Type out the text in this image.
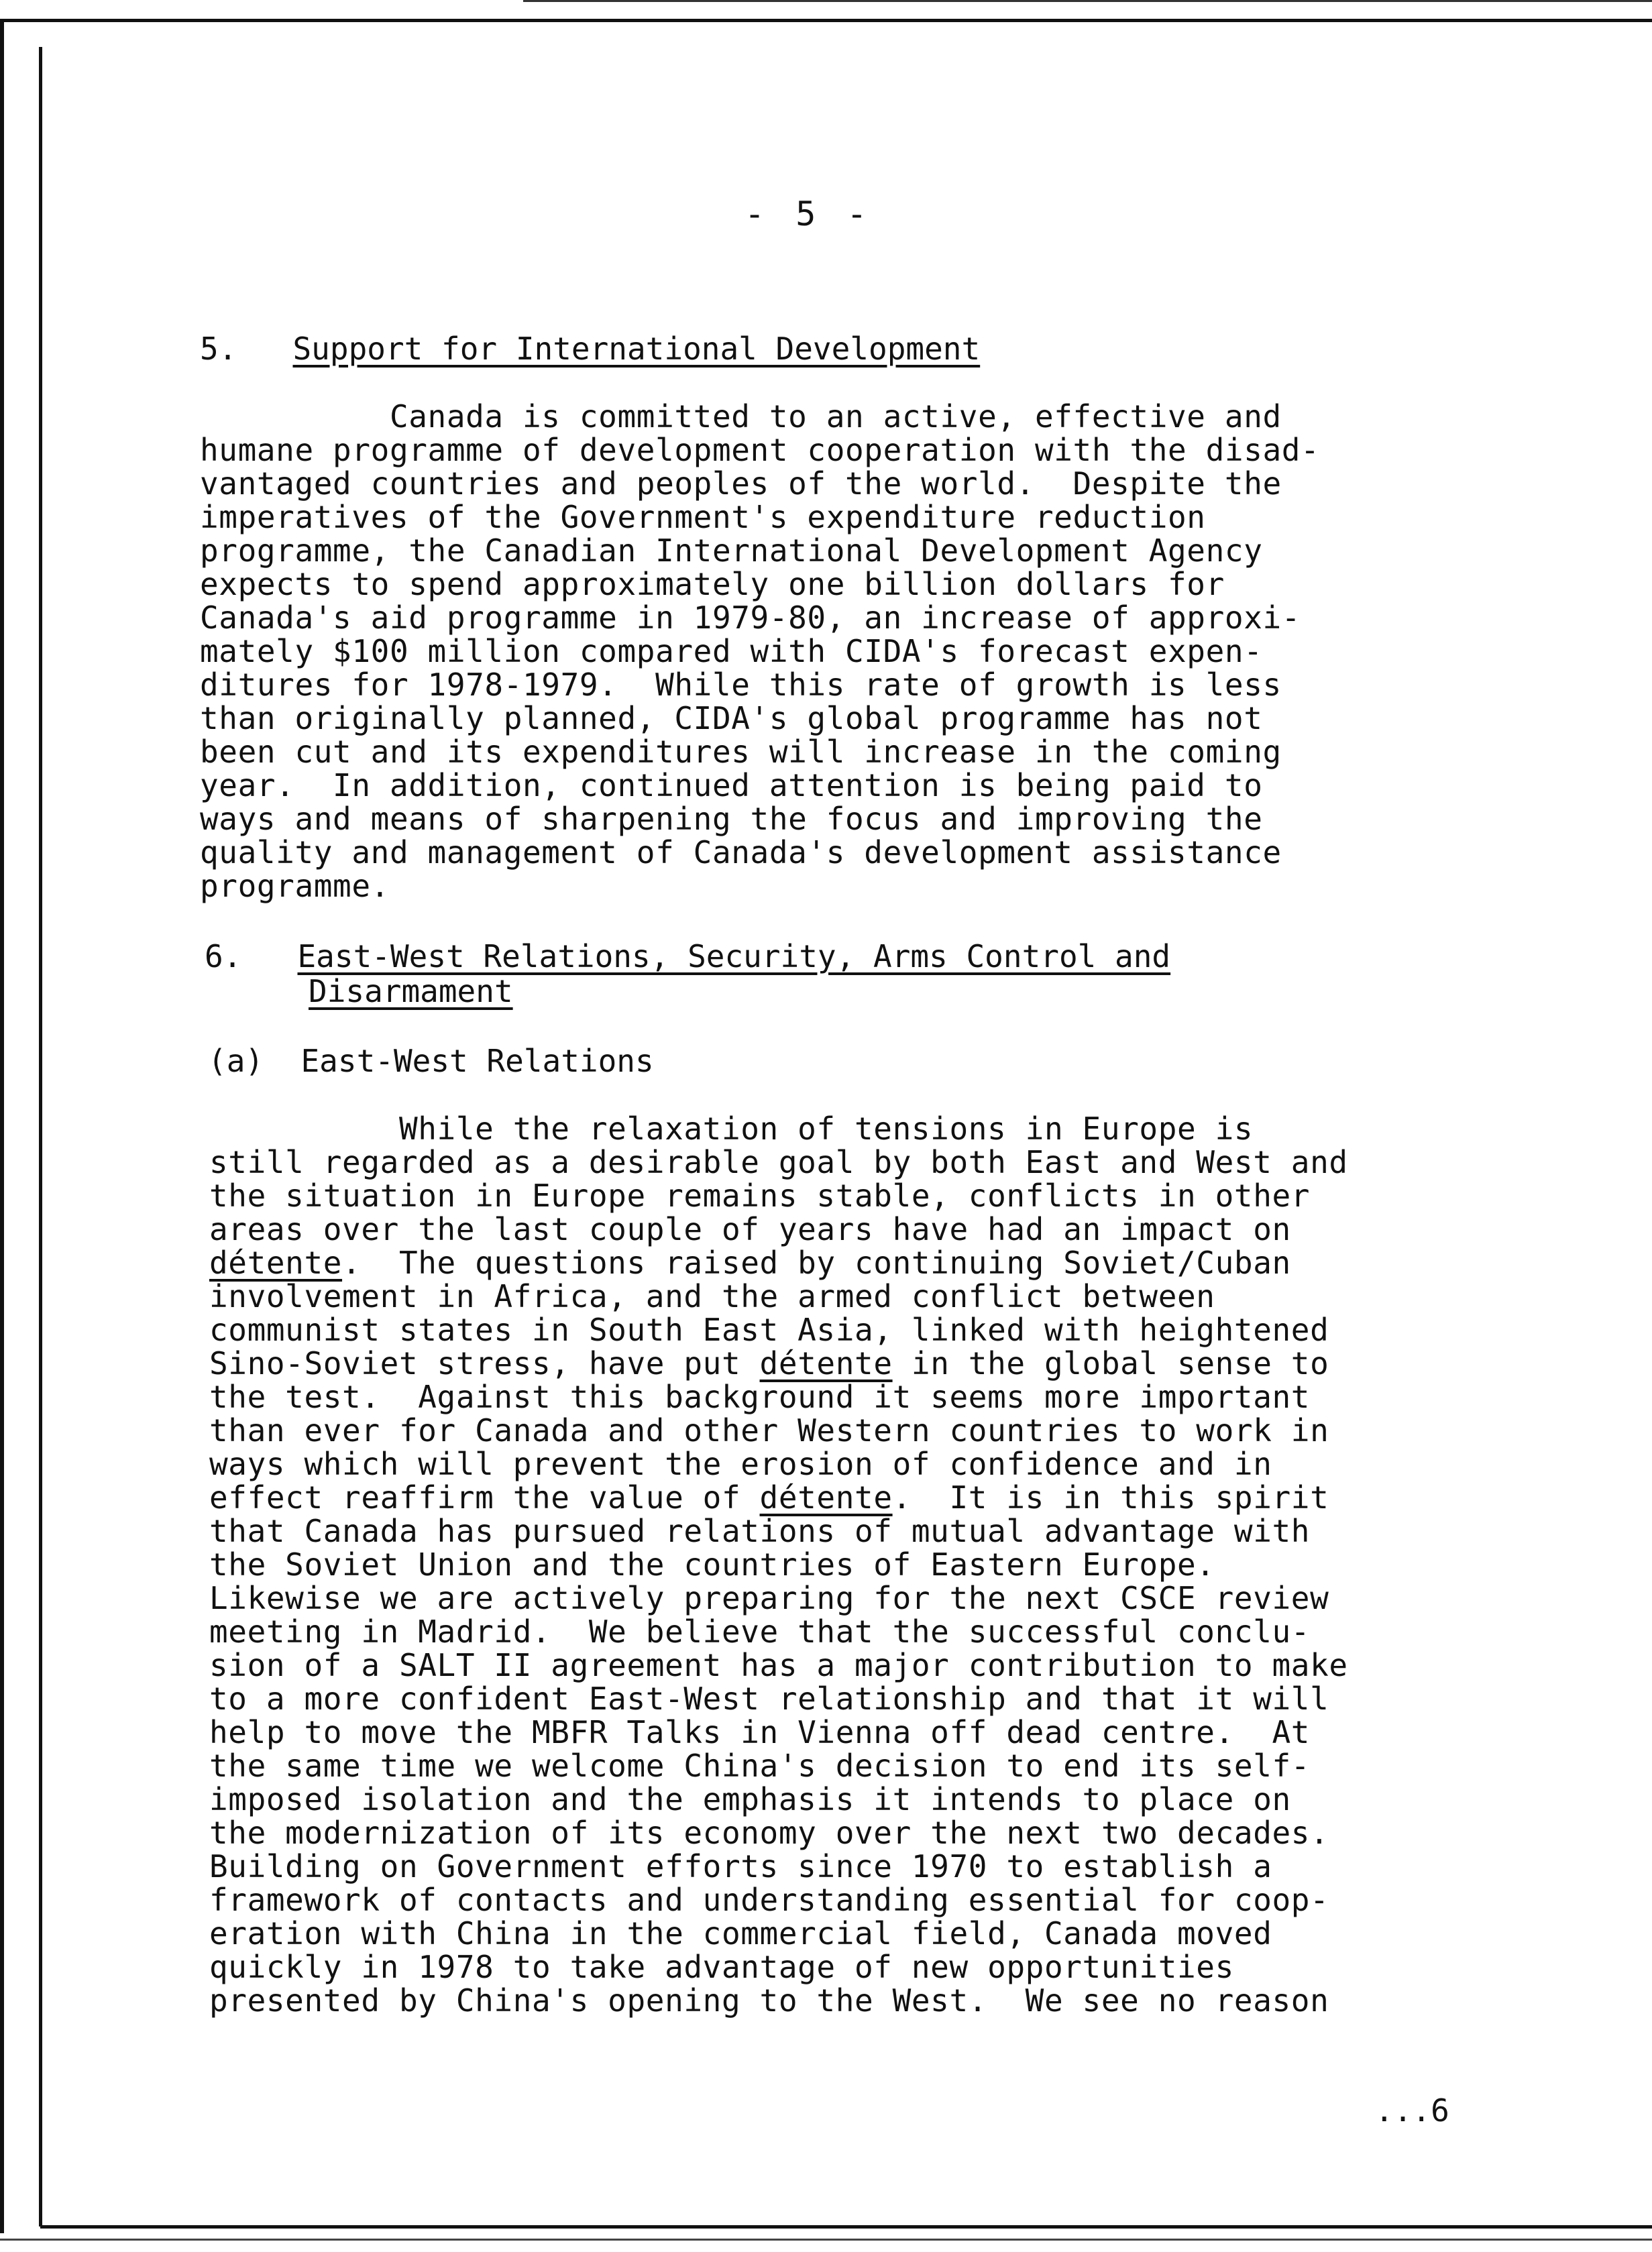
- 5 -
5. Support for International Development
Canada is committed to an active, effective and
humane programme of development cooperation with the disad-
vantaged countries and peoples of the world.  Despite the
imperatives of the Government's expenditure reduction
programme, the Canadian International Development Agency
expects to spend approximately one billion dollars for
Canada's aid programme in 1979-80, an increase of approxi-
mately $100 million compared with CIDA's forecast expen-
ditures for 1978-1979.  While this rate of growth is less
than originally planned, CIDA's global programme has not
been cut and its expenditures will increase in the coming
year.  In addition, continued attention is being paid to
ways and means of sharpening the focus and improving the
quality and management of Canada's development assistance
programme.
6. East-West Relations, Security, Arms Control and
Disarmament
(a) East-West Relations
While the relaxation of tensions in Europe is
still regarded as a desirable goal by both East and West and
the situation in Europe remains stable, conflicts in other
areas over the last couple of years have had an impact on
détente.  The questions raised by continuing Soviet/Cuban
involvement in Africa, and the armed conflict between
communist states in South East Asia, linked with heightened
Sino-Soviet stress, have put détente in the global sense to
the test.  Against this background it seems more important
than ever for Canada and other Western countries to work in
ways which will prevent the erosion of confidence and in
effect reaffirm the value of détente.  It is in this spirit
that Canada has pursued relations of mutual advantage with
the Soviet Union and the countries of Eastern Europe.
Likewise we are actively preparing for the next CSCE review
meeting in Madrid.  We believe that the successful conclu-
sion of a SALT II agreement has a major contribution to make
to a more confident East-West relationship and that it will
help to move the MBFR Talks in Vienna off dead centre.  At
the same time we welcome China's decision to end its self-
imposed isolation and the emphasis it intends to place on
the modernization of its economy over the next two decades.
Building on Government efforts since 1970 to establish a
framework of contacts and understanding essential for coop-
eration with China in the commercial field, Canada moved
quickly in 1978 to take advantage of new opportunities
presented by China's opening to the West.  We see no reason
...6
